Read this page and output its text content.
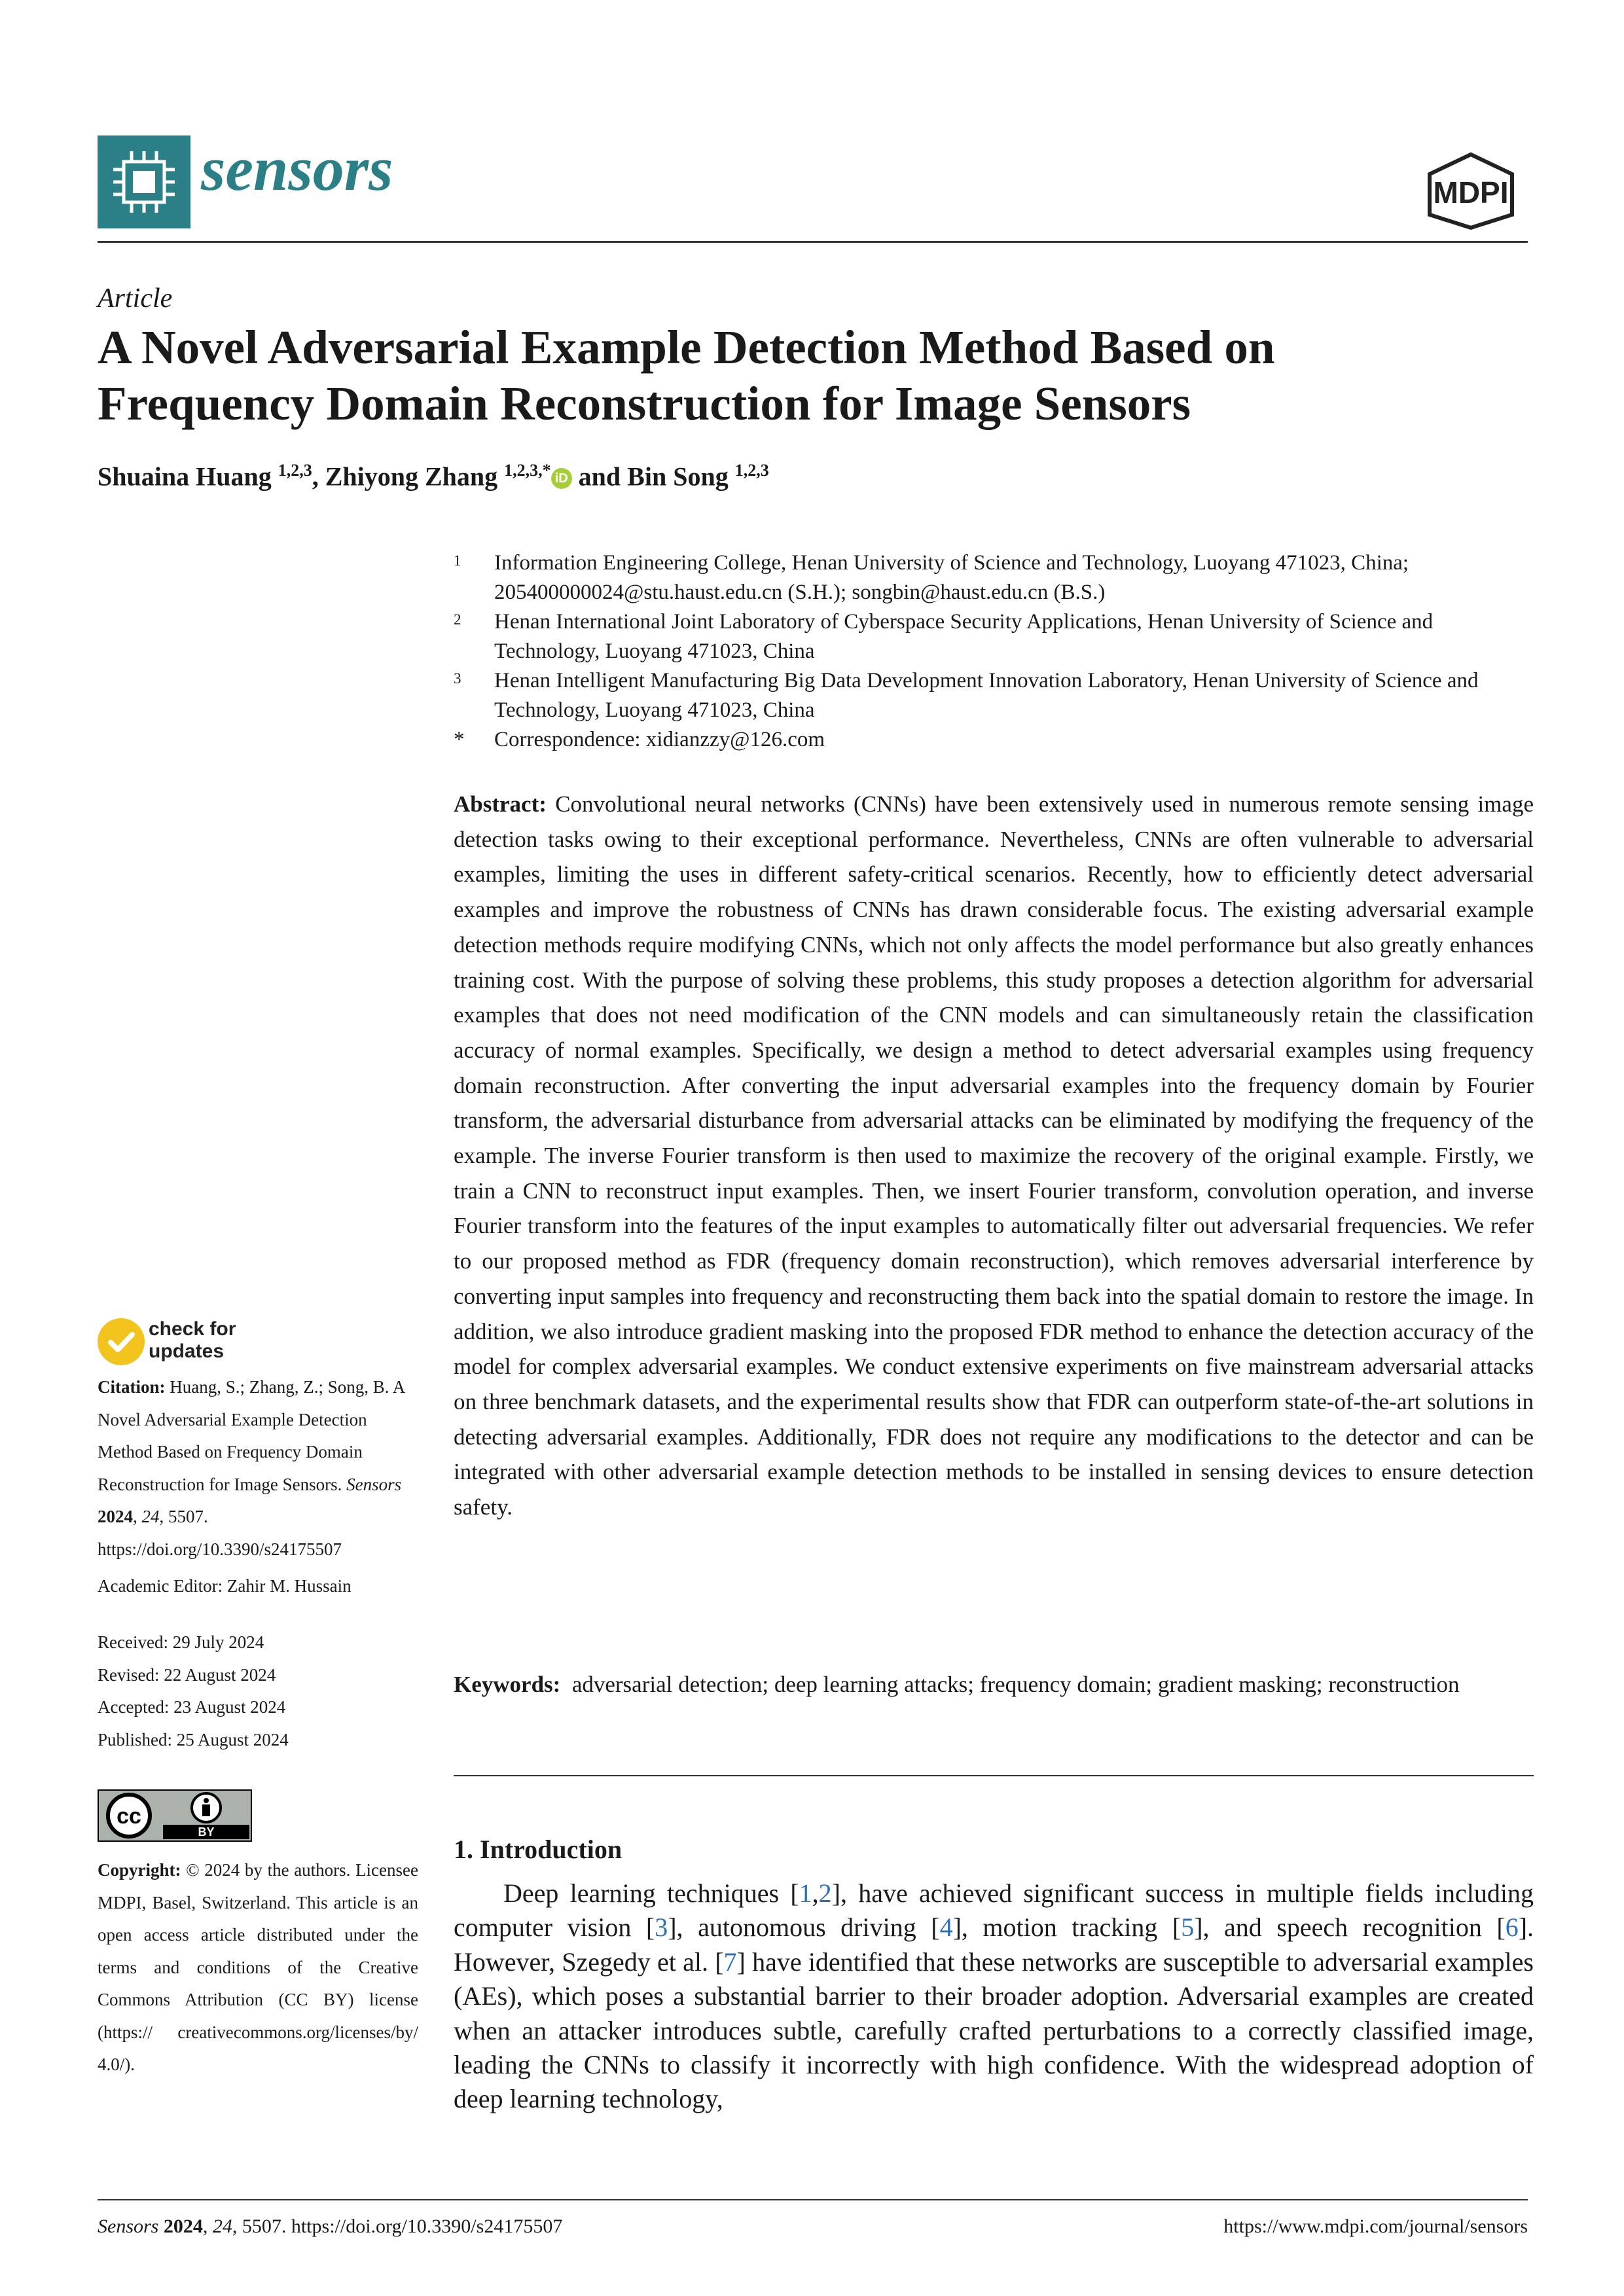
sensors	MDPI
Article
A Novel Adversarial Example Detection Method Based on
Frequency Domain Reconstruction for Image Sensors
Shuaina Huang $^{1,2,3}$, Zhiyong Zhang $^{1,2,3,*}$ iD and Bin Song $^{1,2,3}$
1 Information Engineering College, Henan University of Science and Technology, Luoyang 471023, China; 205400000024@stu.haust.edu.cn (S.H.); songbin@haust.edu.cn (B.S.)
2 Henan International Joint Laboratory of Cyberspace Security Applications, Henan University of Science and Technology, Luoyang 471023, China
3 Henan Intelligent Manufacturing Big Data Development Innovation Laboratory, Henan University of Science and Technology, Luoyang 471023, China
* Correspondence: xidianzzy@126.com
Abstract: Convolutional neural networks (CNNs) have been extensively used in numerous remote sensing image detection tasks owing to their exceptional performance. Nevertheless, CNNs are often vulnerable to adversarial examples, limiting the uses in different safety-critical scenarios. Recently, how to efficiently detect adversarial examples and improve the robustness of CNNs has drawn considerable focus. The existing adversarial example detection methods require modifying CNNs, which not only affects the model performance but also greatly enhances training cost. With the purpose of solving these problems, this study proposes a detection algorithm for adversarial examples that does not need modification of the CNN models and can simultaneously retain the classification accuracy of normal examples. Specifically, we design a method to detect adversarial examples using frequency domain reconstruction. After converting the input adversarial examples into the frequency domain by Fourier transform, the adversarial disturbance from adversarial attacks can be eliminated by modifying the frequency of the example. The inverse Fourier transform is then used to maximize the recovery of the original example. Firstly, we train a CNN to reconstruct input examples. Then, we insert Fourier transform, convolution operation, and inverse Fourier transform into the features of the input examples to automatically filter out adversarial frequencies. We refer to our proposed method as FDR (frequency domain reconstruction), which removes adversarial interference by converting input samples into frequency and reconstructing them back into the spatial domain to restore the image. In addition, we also introduce gradient masking into the proposed FDR method to enhance the detection accuracy of the model for complex adversarial examples. We conduct extensive experiments on five mainstream adversarial attacks on three benchmark datasets, and the experimental results show that FDR can outperform state-of-the-art solutions in detecting adversarial examples. Additionally, FDR does not require any modifications to the detector and can be integrated with other adversarial example detection methods to be installed in sensing devices to ensure detection safety.
Keywords: adversarial detection; deep learning attacks; frequency domain; gradient masking; reconstruction
1. Introduction
Deep learning techniques [1,2], have achieved significant success in multiple fields including computer vision [3], autonomous driving [4], motion tracking [5], and speech recognition [6]. However, Szegedy et al. [7] have identified that these networks are susceptible to adversarial examples (AEs), which poses a substantial barrier to their broader adoption. Adversarial examples are created when an attacker introduces subtle, carefully crafted perturbations to a correctly classified image, leading the CNNs to classify it incorrectly with high confidence. With the widespread adoption of deep learning technology,
check for
updates
Citation: Huang, S.; Zhang, Z.; Song, B. A Novel Adversarial Example Detection Method Based on Frequency Domain Reconstruction for Image Sensors. Sensors 2024, 24, 5507. https://doi.org/10.3390/s24175507
Academic Editor: Zahir M. Hussain
Received: 29 July 2024
Revised: 22 August 2024
Accepted: 23 August 2024
Published: 25 August 2024
cc
BY
Copyright: © 2024 by the authors. Licensee MDPI, Basel, Switzerland. This article is an open access article distributed under the terms and conditions of the Creative Commons Attribution (CC BY) license (https:// creativecommons.org/licenses/by/ 4.0/).
Sensors 2024, 24, 5507. https://doi.org/10.3390/s24175507	https://www.mdpi.com/journal/sensors
